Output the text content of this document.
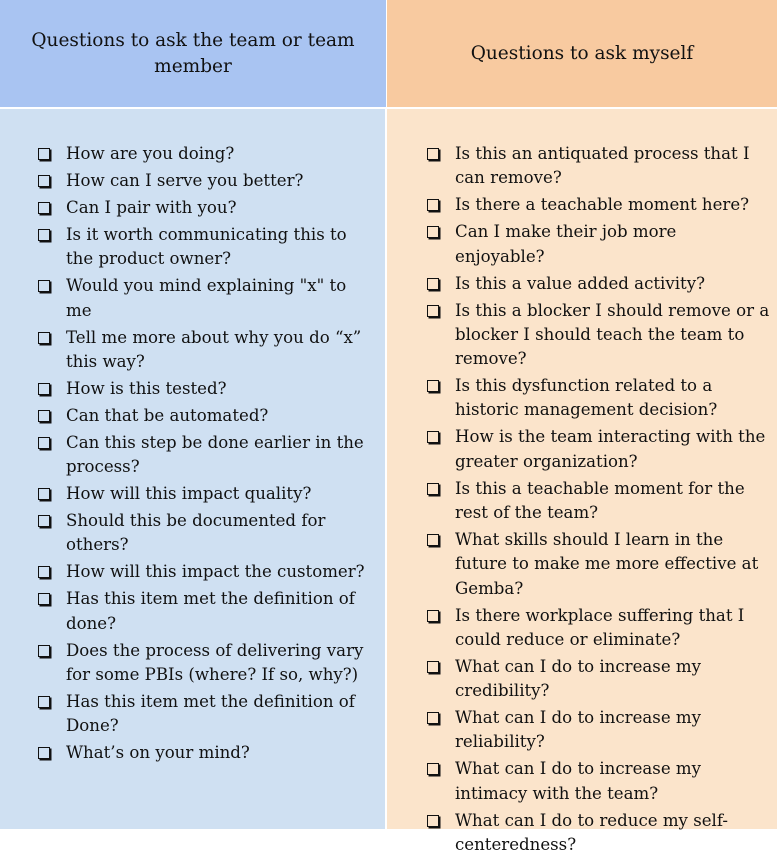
Questions to ask the team or team member
Questions to ask myself
How are you doing?
How can I serve you better?
Can I pair with you?
Is it worth communicating this to the product owner?
Would you mind explaining "x" to me
Tell me more about why you do “x” this way?
How is this tested?
Can that be automated?
Can this step be done earlier in the process?
How will this impact quality?
Should this be documented for others?
How will this impact the customer?
Has this item met the definition of done?
Does the process of delivering vary for some PBIs (where? If so, why?)
Has this item met the definition of Done?
What’s on your mind?
Is this an antiquated process that I can remove?
Is there a teachable moment here?
Can I make their job more enjoyable?
Is this a value added activity?
Is this a blocker I should remove or a blocker I should teach the team to remove?
Is this dysfunction related to a historic management decision?
How is the team interacting with the greater organization?
Is this a teachable moment for the rest of the team?
What skills should I learn in the future to make me more effective at Gemba?
Is there workplace suffering that I could reduce or eliminate?
What can I do to increase my credibility?
What can I do to increase my reliability?
What can I do to increase my intimacy with the team?
What can I do to reduce my self-centeredness?
